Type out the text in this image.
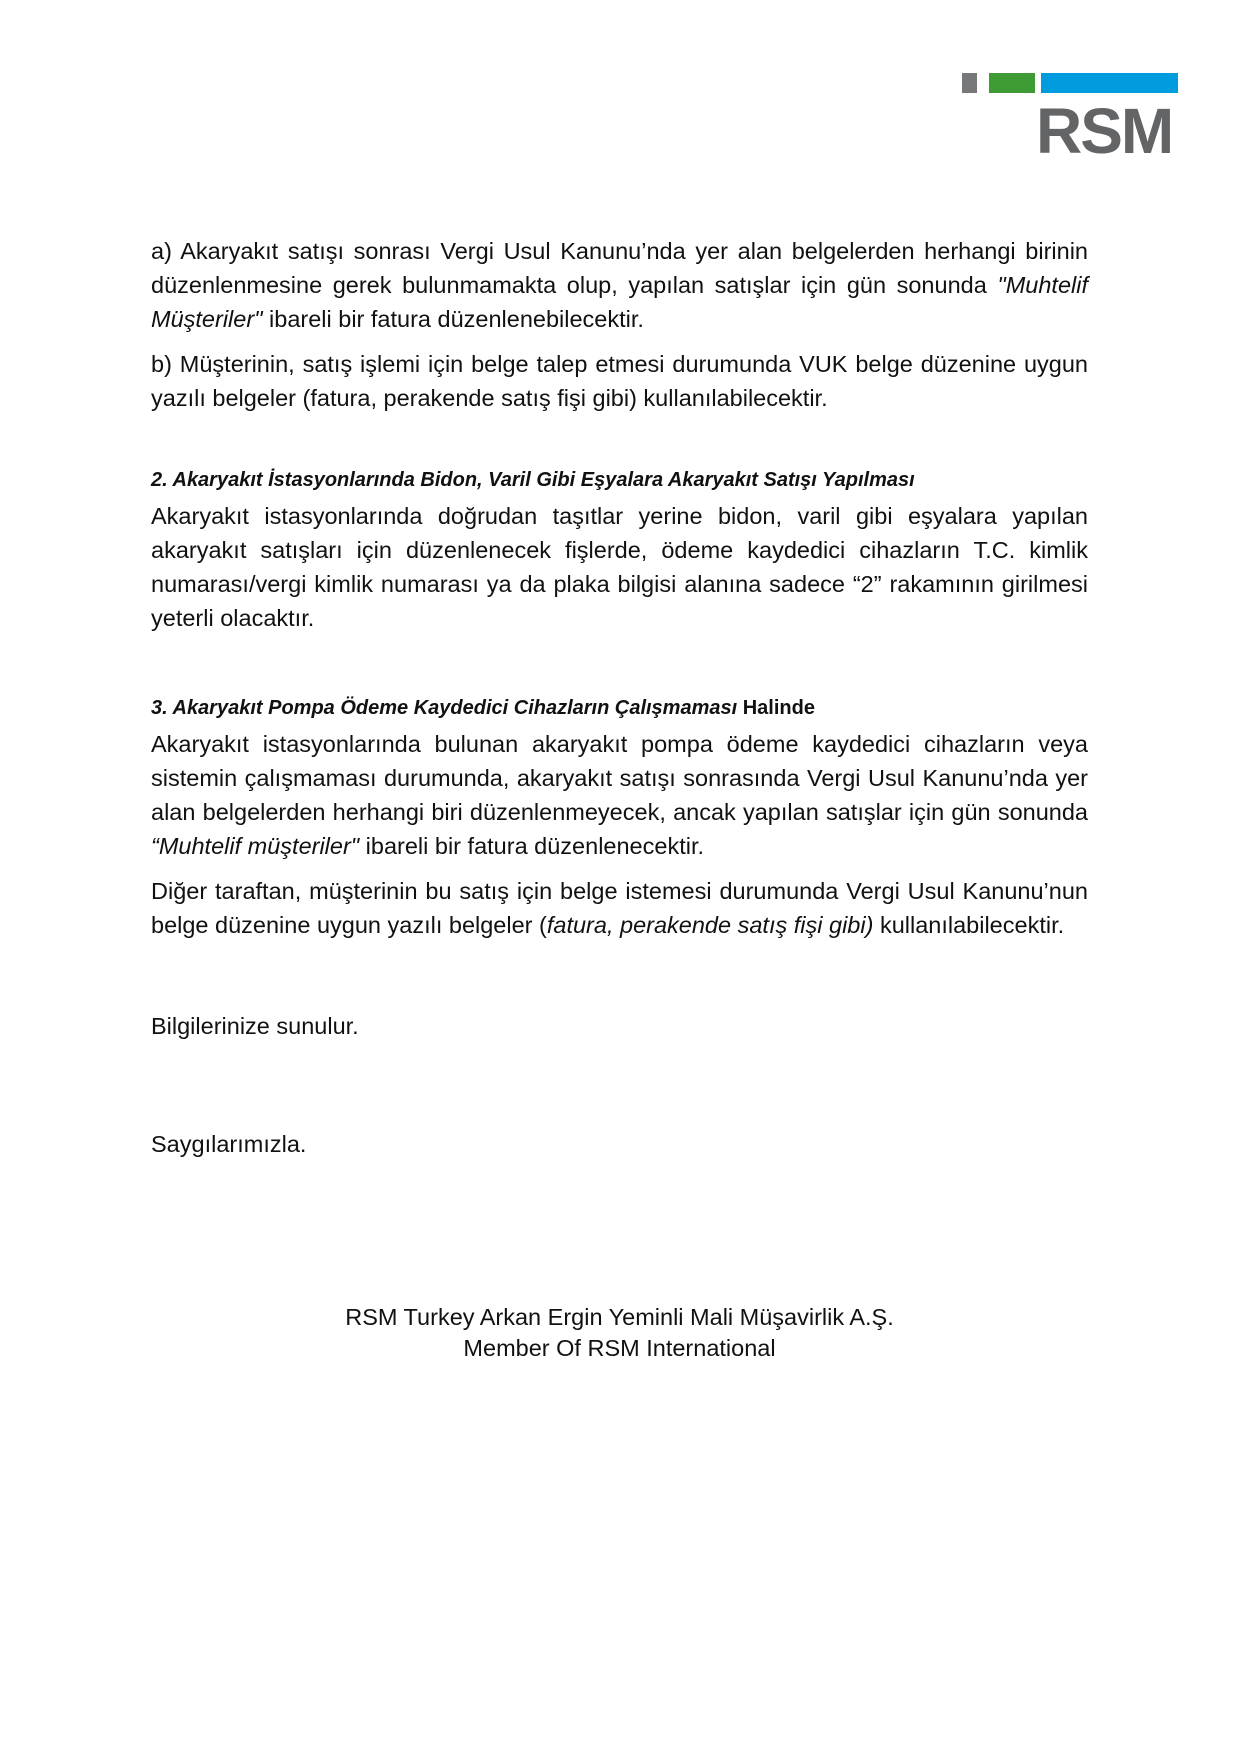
RSM

a) Akaryakıt satışı sonrası Vergi Usul Kanunu’nda yer alan belgelerden herhangi birinin düzenlenmesine gerek bulunmamakta olup, yapılan satışlar için gün sonunda "Muhtelif Müşteriler" ibareli bir fatura düzenlenebilecektir.

b) Müşterinin, satış işlemi için belge talep etmesi durumunda VUK belge düzenine uygun yazılı belgeler (fatura, perakende satış fişi gibi) kullanılabilecektir.

2. Akaryakıt İstasyonlarında Bidon, Varil Gibi Eşyalara Akaryakıt Satışı Yapılması

Akaryakıt istasyonlarında doğrudan taşıtlar yerine bidon, varil gibi eşyalara yapılan akaryakıt satışları için düzenlenecek fişlerde, ödeme kaydedici cihazların T.C. kimlik numarası/vergi kimlik numarası ya da plaka bilgisi alanına sadece “2” rakamının girilmesi yeterli olacaktır.

3. Akaryakıt Pompa Ödeme Kaydedici Cihazların Çalışmaması Halinde

Akaryakıt istasyonlarında bulunan akaryakıt pompa ödeme kaydedici cihazların veya sistemin çalışmaması durumunda, akaryakıt satışı sonrasında Vergi Usul Kanunu’nda yer alan belgelerden herhangi biri düzenlenmeyecek, ancak yapılan satışlar için gün sonunda “Muhtelif müşteriler" ibareli bir fatura düzenlenecektir.

Diğer taraftan, müşterinin bu satış için belge istemesi durumunda Vergi Usul Kanunu’nun belge düzenine uygun yazılı belgeler (fatura, perakende satış fişi gibi) kullanılabilecektir.

Bilgilerinize sunulur.

Saygılarımızla.

RSM Turkey Arkan Ergin Yeminli Mali Müşavirlik A.Ş.
Member Of RSM International
